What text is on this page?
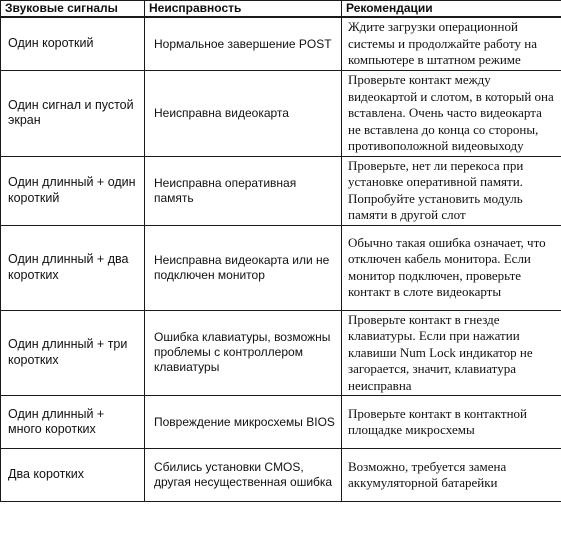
Звуковые сигналы	Неисправность	Рекомендации
Один короткий	Нормальное завершение POST	Ждите загрузки операционной системы и продолжайте работу на компьютере в штатном режиме
Один сигнал и пустой экран	Неисправна видеокарта	Проверьте контакт между видеокартой и слотом, в который она вставлена. Очень часто видеокарта не вставлена до конца со стороны, противоположной видеовыходу
Один длинный + один короткий	Неисправна оперативная память	Проверьте, нет ли перекоса при установке оперативной памяти. Попробуйте установить модуль памяти в другой слот
Один длинный + два коротких	Неисправна видеокарта или не подключен монитор	Обычно такая ошибка означает, что отключен кабель монитора. Если монитор подключен, проверьте контакт в слоте видеокарты
Один длинный + три коротких	Ошибка клавиатуры, возможны проблемы с контроллером клавиатуры	Проверьте контакт в гнезде клавиатуры. Если при нажатии клавиши Num Lock индикатор не загорается, значит, клавиатура неисправна
Один длинный + много коротких	Повреждение микросхемы BIOS	Проверьте контакт в контактной площадке микросхемы
Два коротких	Сбились установки CMOS, другая несущественная ошибка	Возможно, требуется замена аккумуляторной батарейки
